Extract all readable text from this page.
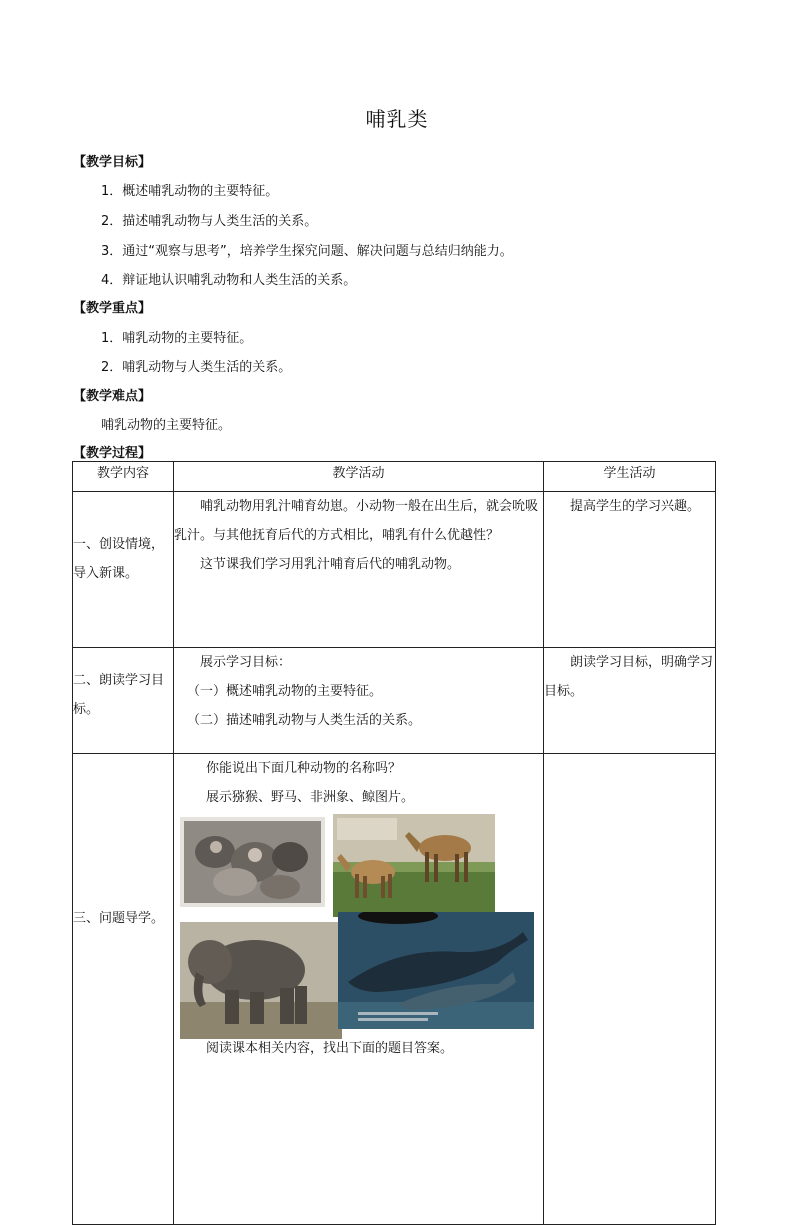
哺乳类
【教学目标】
1．概述哺乳动物的主要特征。
2．描述哺乳动物与人类生活的关系。
3．通过“观察与思考”，培养学生探究问题、解决问题与总结归纳能力。
4．辩证地认识哺乳动物和人类生活的关系。
【教学重点】
1．哺乳动物的主要特征。
2．哺乳动物与人类生活的关系。
【教学难点】
哺乳动物的主要特征。
【教学过程】
教学内容	教学活动	学生活动
一、创设情境，导入新课。	哺乳动物用乳汁哺育幼崽。小动物一般在出生后，就会吮吸乳汁。与其他抚育后代的方式相比，哺乳有什么优越性？

这节课我们学习用乳汁哺育后代的哺乳动物。	提高学生的学习兴趣。

二、朗读学习目标。	展示学习目标：

（一）概述哺乳动物的主要特征。

（二）描述哺乳动物与人类生活的关系。	朗读学习目标，明确学习目标。

三、问题导学。	你能说出下面几种动物的名称吗？

展示猕猴、野马、非洲象、鲸图片。

阅读课本相关内容，找出下面的题目答案。	
